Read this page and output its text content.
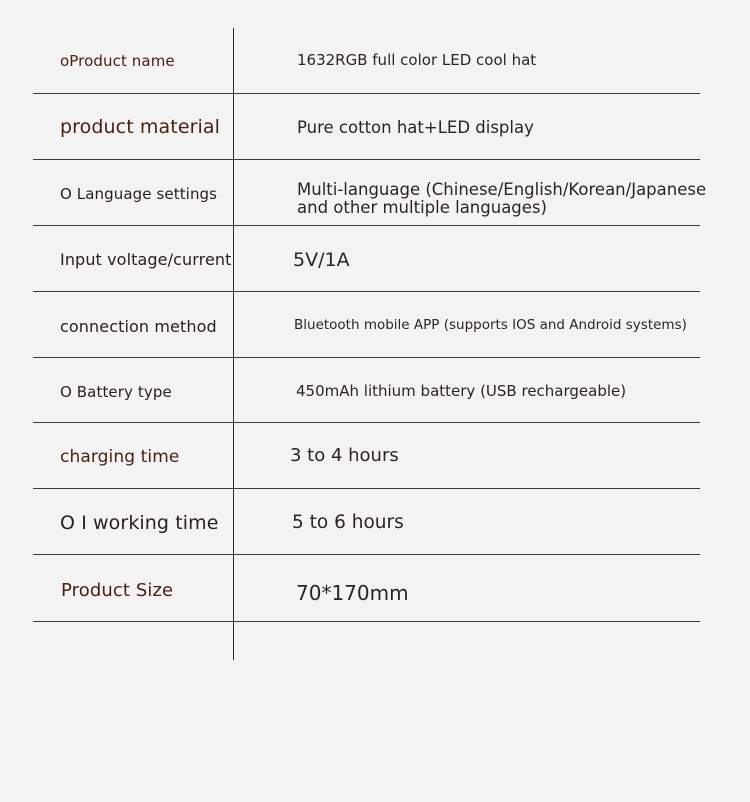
oProduct name	1632RGB full color LED cool hat
product material	Pure cotton hat+LED display
O Language settings	Multi-language (Chinese/English/Korean/Japanese
and other multiple languages)
Input voltage/current	5V/1A
connection method	Bluetooth mobile APP (supports IOS and Android systems)
O Battery type	450mAh lithium battery (USB rechargeable)
charging time	3 to 4 hours
O I working time	5 to 6 hours
Product Size	70*170mm
